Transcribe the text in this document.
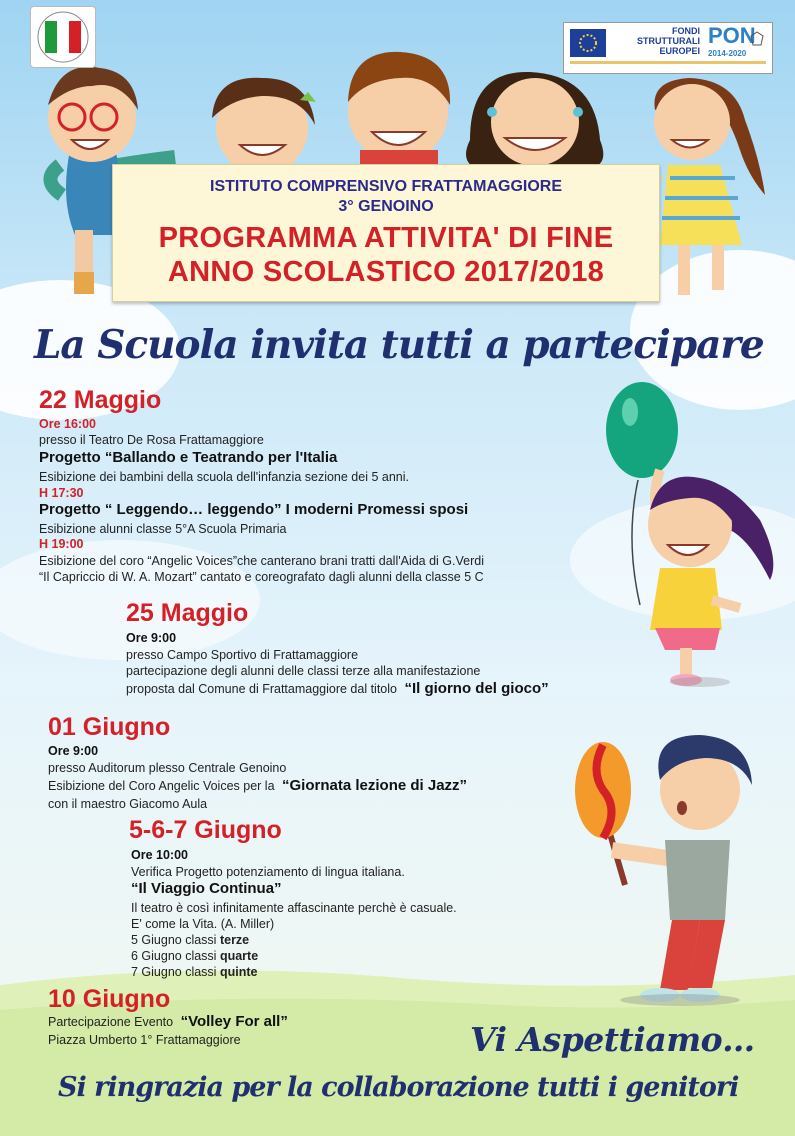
FONDI
STRUTTURALI
EUROPEI
PON
2014-2020
ISTITUTO COMPRENSIVO FRATTAMAGGIORE
3° GENOINO
PROGRAMMA ATTIVITA' DI FINE
ANNO SCOLASTICO 2017/2018
La Scuola invita tutti a partecipare
22 Maggio
Ore 16:00
presso il Teatro De Rosa Frattamaggiore
Progetto “Ballando e Teatrando per l'Italia
Esibizione dei bambini della scuola dell'infanzia sezione dei 5 anni.
H 17:30
Progetto “ Leggendo… leggendo” I moderni Promessi sposi
Esibizione alunni classe 5°A Scuola Primaria
H 19:00
Esibizione del coro “Angelic Voices”che canterano brani tratti dall'Aida di G.Verdi
“Il Capriccio di W. A. Mozart” cantato e coreografato dagli alunni della classe 5 C
25 Maggio
Ore 9:00
presso Campo Sportivo di Frattamaggiore
partecipazione degli alunni delle classi terze alla manifestazione
proposta dal Comune di Frattamaggiore dal titolo “Il giorno del gioco”
01 Giugno
Ore 9:00
presso Auditorum plesso Centrale Genoino
Esibizione del Coro Angelic Voices per la “Giornata lezione di Jazz”
con il maestro Giacomo Aula
5-6-7 Giugno
Ore 10:00
Verifica Progetto potenziamento di lingua italiana.
“Il Viaggio Continua”
Il teatro è così infinitamente affascinante perchè è casuale.
E' come la Vita. (A. Miller)
5 Giugno classi terze
6 Giugno classi quarte
7 Giugno classi quinte
10 Giugno
Partecipazione Evento “Volley For all”
Piazza Umberto 1° Frattamaggiore	Vi Aspettiamo…
Si ringrazia per la collaborazione tutti i genitori
